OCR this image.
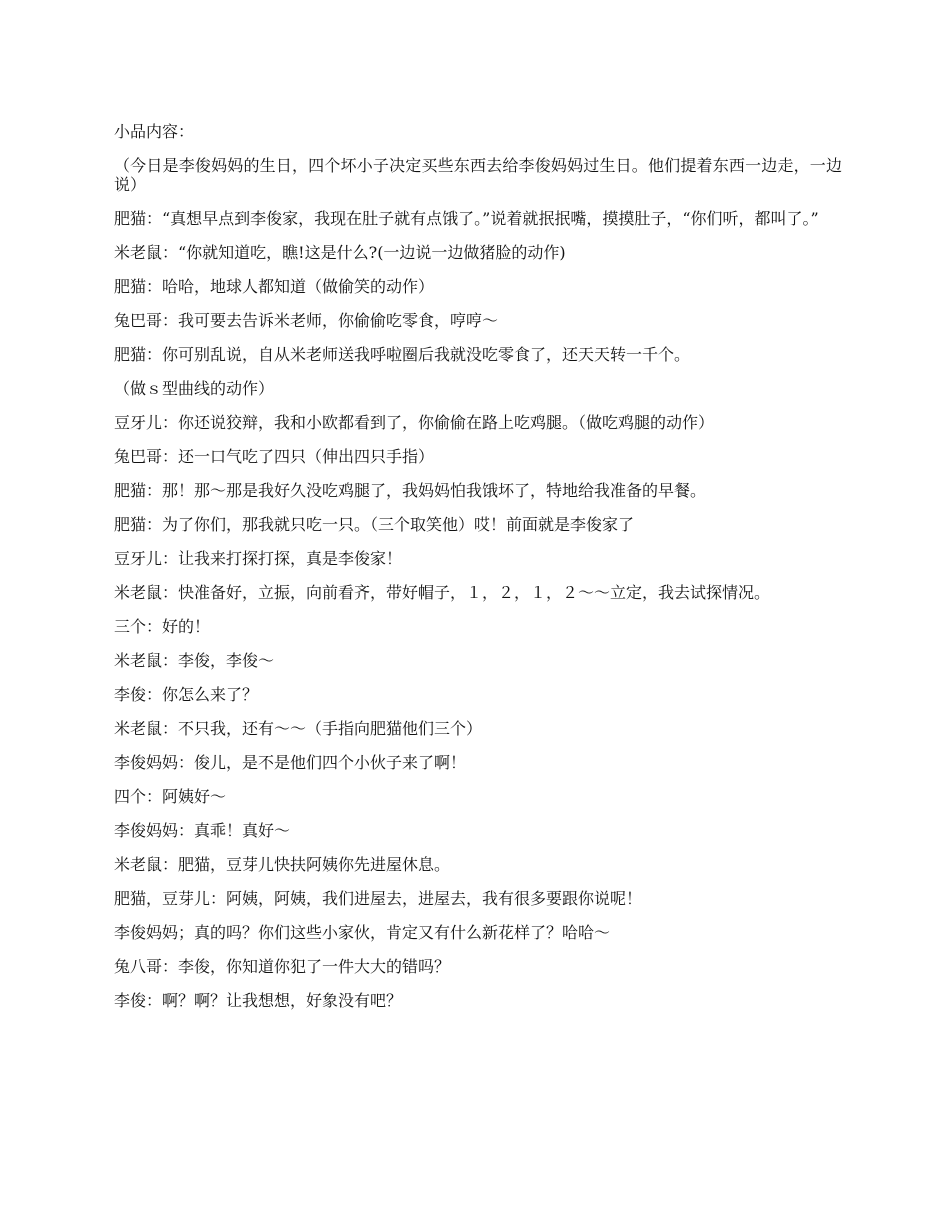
小品内容：

（今日是李俊妈妈的生日，四个坏小子决定买些东西去给李俊妈妈过生日。他们提着东西一边走，一边说）

肥猫：“真想早点到李俊家，我现在肚子就有点饿了。”说着就抿抿嘴，摸摸肚子，“你们听，都叫了。”

米老鼠：“你就知道吃，瞧!这是什么?(一边说一边做猪脸的动作)

肥猫：哈哈，地球人都知道（做偷笑的动作）

兔巴哥：我可要去告诉米老师，你偷偷吃零食，哼哼～

肥猫：你可别乱说，自从米老师送我呼啦圈后我就没吃零食了，还天天转一千个。

（做ｓ型曲线的动作）

豆牙儿：你还说狡辩，我和小欧都看到了，你偷偷在路上吃鸡腿。（做吃鸡腿的动作）

兔巴哥：还一口气吃了四只（伸出四只手指）

肥猫：那！那～那是我好久没吃鸡腿了，我妈妈怕我饿坏了，特地给我准备的早餐。

肥猫：为了你们，那我就只吃一只。（三个取笑他）哎！前面就是李俊家了

豆牙儿：让我来打探打探，真是李俊家！

米老鼠：快准备好，立振，向前看齐，带好帽子，１，２，１，２～～立定，我去试探情况。

三个：好的！

米老鼠：李俊，李俊～

李俊：你怎么来了？

米老鼠：不只我，还有～～（手指向肥猫他们三个）

李俊妈妈：俊儿，是不是他们四个小伙子来了啊！

四个：阿姨好～

李俊妈妈：真乖！真好～

米老鼠：肥猫，豆芽儿快扶阿姨你先进屋休息。

肥猫，豆芽儿：阿姨，阿姨，我们进屋去，进屋去，我有很多要跟你说呢！

李俊妈妈；真的吗？你们这些小家伙，肯定又有什么新花样了？哈哈～

兔八哥：李俊，你知道你犯了一件大大的错吗？

李俊：啊？啊？让我想想，好象没有吧？
